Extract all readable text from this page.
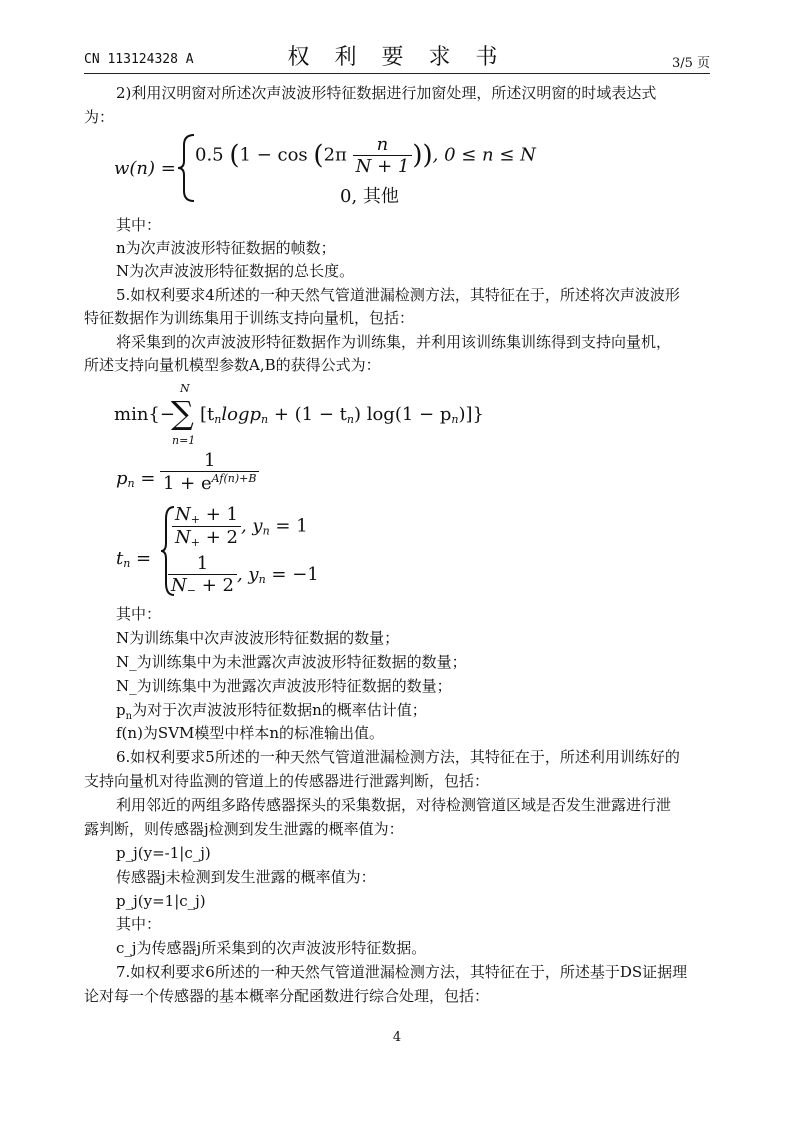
CN 113124328 A	权 利 要 求 书	3/5 页
2)利用汉明窗对所述次声波波形特征数据进行加窗处理，所述汉明窗的时域表达式
为：
w(n) =
0.5 ($1 - \cos (2\pi \frac{n}{N + 1}$ )), 0 ≤ n ≤ N
0, 其他
其中：
n为次声波波形特征数据的帧数；
N为次声波波形特征数据的总长度。
5.如权利要求4所述的一种天然气管道泄漏检测方法，其特征在于，所述将次声波波形
特征数据作为训练集用于训练支持向量机，包括：
将采集到的次声波波形特征数据作为训练集，并利用该训练集训练得到支持向量机，
所述支持向量机模型参数A,B的获得公式为：
min{−
N
∑
n=1
$[t_n\log p_n + (1 - t_n) \log(1 - p_n)]$}
$p_n = \frac{1}{1 + e^{Af(n)+B}}$
$t_n$ =
$\frac{N_+ + 1}{N_+ + 2}$ , $y_n = 1$
$\frac{1}{N_- + 2}$ , $y_n = -1$
其中：
N为训练集中次声波波形特征数据的数量；
N_为训练集中为未泄露次声波波形特征数据的数量；
N_为训练集中为泄露次声波波形特征数据的数量；
$p_n$为对于次声波波形特征数据n的概率估计值；
f(n)为SVM模型中样本n的标准输出值。
6.如权利要求5所述的一种天然气管道泄漏检测方法，其特征在于，所述利用训练好的
支持向量机对待监测的管道上的传感器进行泄露判断，包括：
利用邻近的两组多路传感器探头的采集数据，对待检测管道区域是否发生泄露进行泄
露判断，则传感器j检测到发生泄露的概率值为：
p_j(y=-1|c_j)
传感器j未检测到发生泄露的概率值为：
p_j(y=1|c_j)
其中：
c_j为传感器j所采集到的次声波波形特征数据。
7.如权利要求6所述的一种天然气管道泄漏检测方法，其特征在于，所述基于DS证据理
论对每一个传感器的基本概率分配函数进行综合处理，包括：
4
